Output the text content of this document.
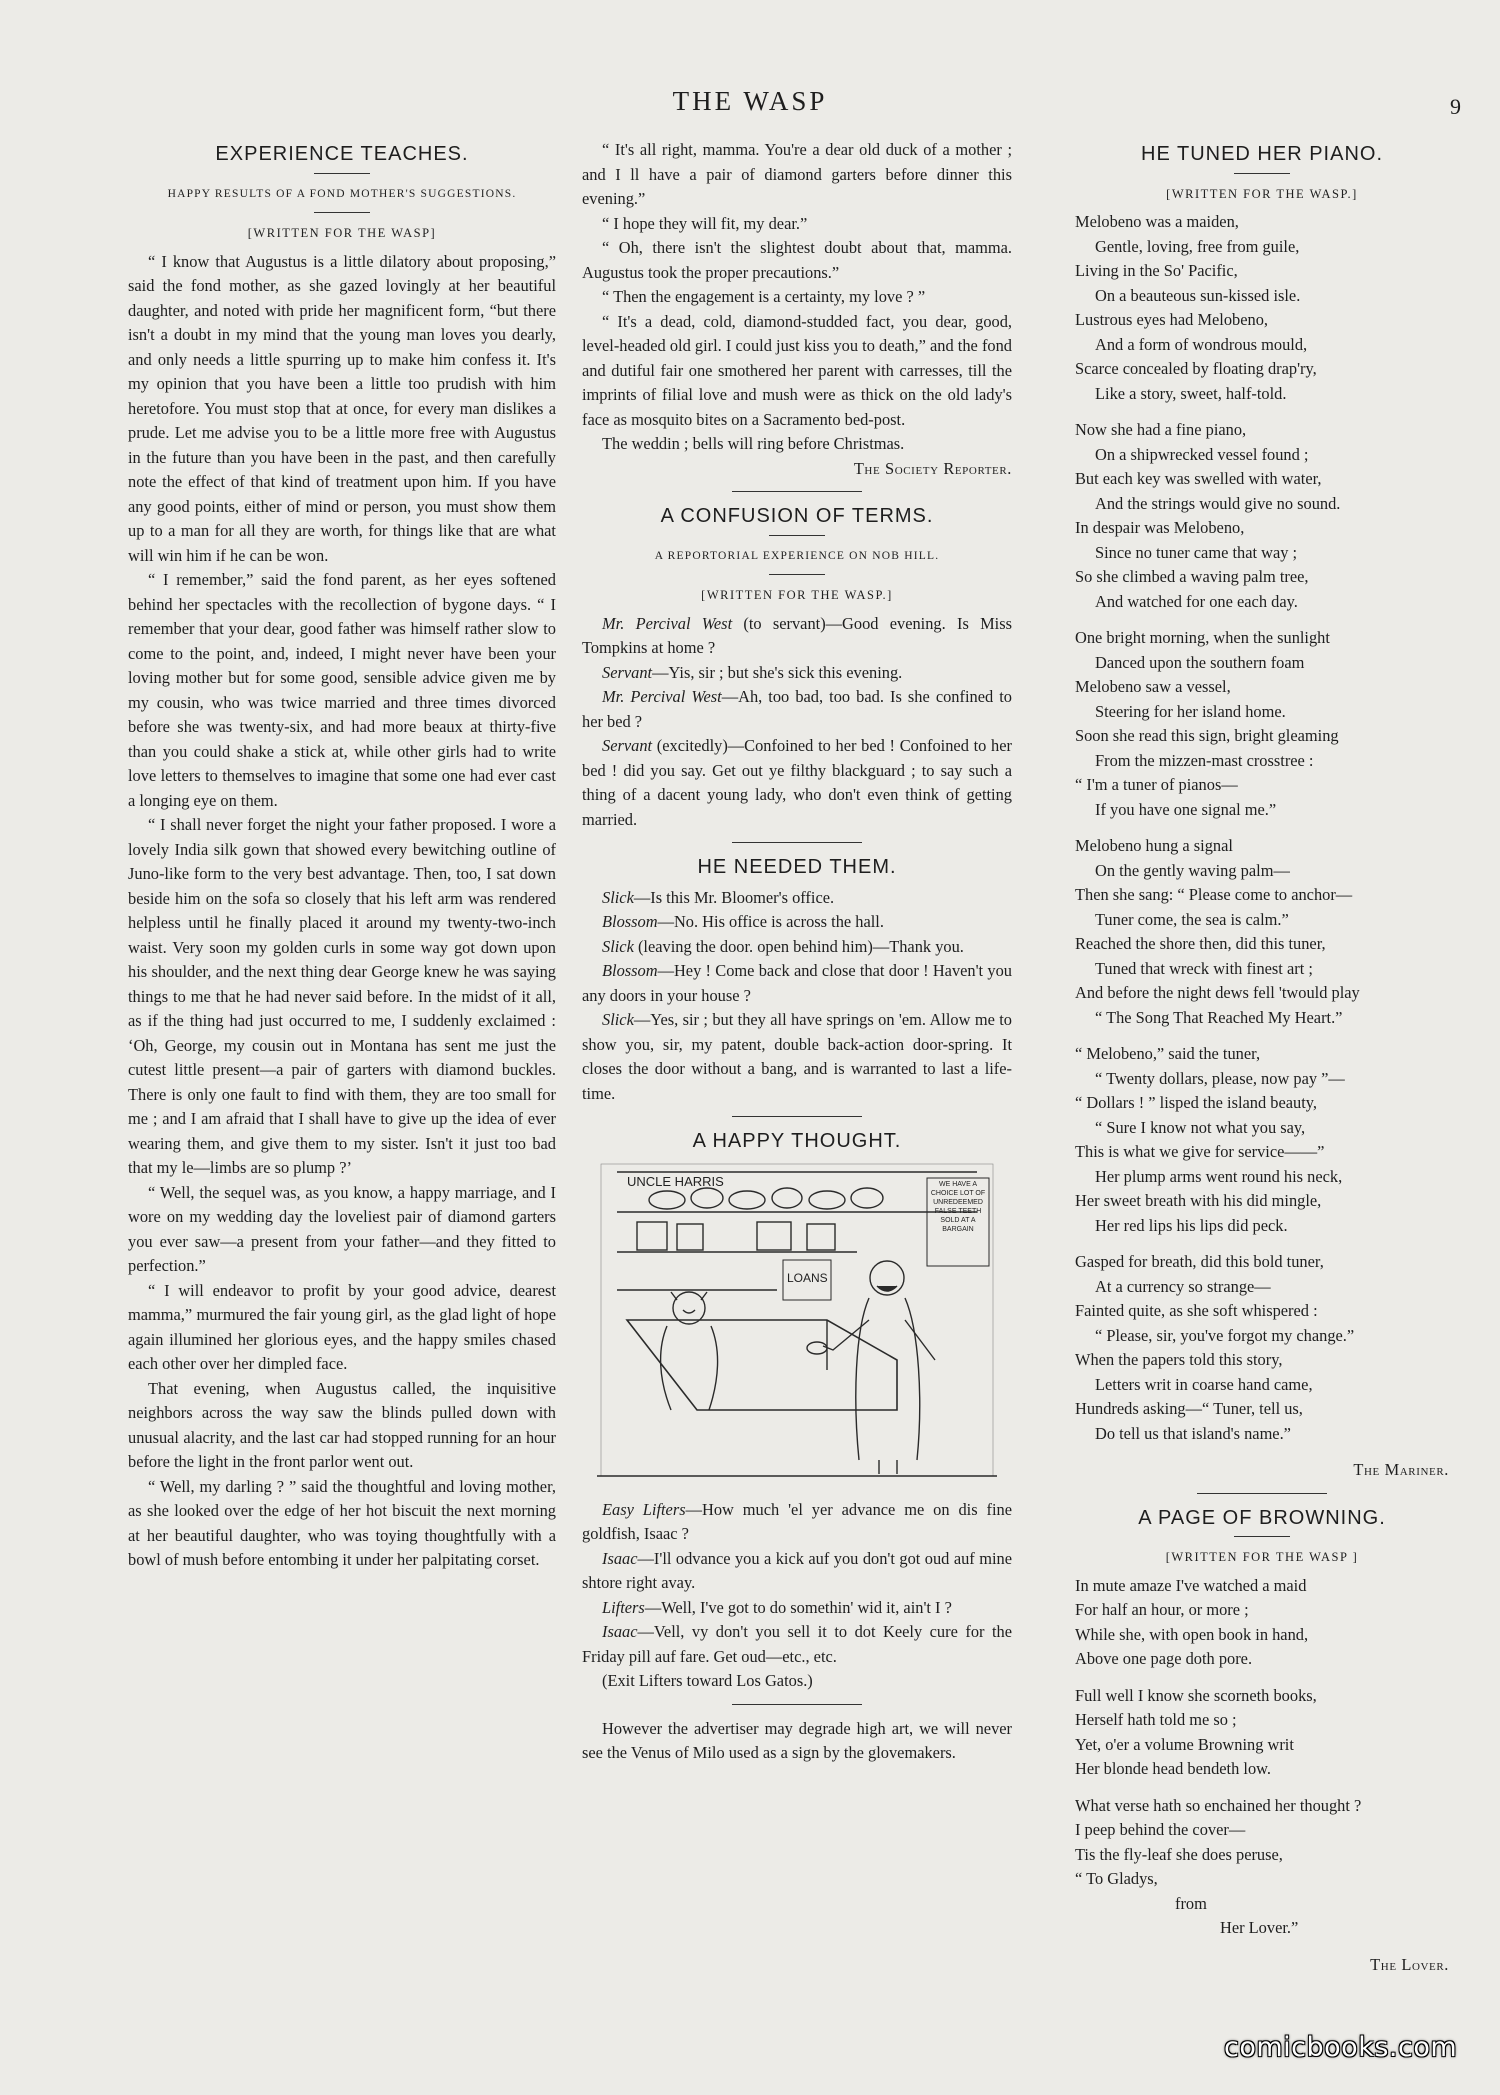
THE WASP	9
EXPERIENCE TEACHES.
HAPPY RESULTS OF A FOND MOTHER'S SUGGESTIONS.
[WRITTEN FOR THE WASP]

“ I know that Augustus is a little dilatory about proposing,” said the fond mother, as she gazed lovingly at her beautiful daughter, and noted with pride her magnificent form, “but there isn't a doubt in my mind that the young man loves you dearly, and only needs a little spurring up to make him confess it. It's my opinion that you have been a little too prudish with him heretofore. You must stop that at once, for every man dislikes a prude. Let me advise you to be a little more free with Augustus in the future than you have been in the past, and then carefully note the effect of that kind of treatment upon him. If you have any good points, either of mind or person, you must show them up to a man for all they are worth, for things like that are what will win him if he can be won.

“ I remember,” said the fond parent, as her eyes softened behind her spectacles with the recollection of bygone days. “ I remember that your dear, good father was himself rather slow to come to the point, and, indeed, I might never have been your loving mother but for some good, sensible advice given me by my cousin, who was twice married and three times divorced before she was twenty-six, and had more beaux at thirty-five than you could shake a stick at, while other girls had to write love letters to themselves to imagine that some one had ever cast a longing eye on them.

“ I shall never forget the night your father proposed. I wore a lovely India silk gown that showed every bewitching outline of Juno-like form to the very best advantage. Then, too, I sat down beside him on the sofa so closely that his left arm was rendered helpless until he finally placed it around my twenty-two-inch waist. Very soon my golden curls in some way got down upon his shoulder, and the next thing dear George knew he was saying things to me that he had never said before. In the midst of it all, as if the thing had just occurred to me, I suddenly exclaimed : ‘Oh, George, my cousin out in Montana has sent me just the cutest little present—a pair of garters with diamond buckles. There is only one fault to find with them, they are too small for me ; and I am afraid that I shall have to give up the idea of ever wearing them, and give them to my sister. Isn't it just too bad that my le—limbs are so plump ?’

“ Well, the sequel was, as you know, a happy marriage, and I wore on my wedding day the loveliest pair of diamond garters you ever saw—a present from your father—and they fitted to perfection.”

“ I will endeavor to profit by your good advice, dearest mamma,” murmured the fair young girl, as the glad light of hope again illumined her glorious eyes, and the happy smiles chased each other over her dimpled face.

That evening, when Augustus called, the inquisitive neighbors across the way saw the blinds pulled down with unusual alacrity, and the last car had stopped running for an hour before the light in the front parlor went out.

“ Well, my darling ? ” said the thoughtful and loving mother, as she looked over the edge of her hot biscuit the next morning at her beautiful daughter, who was toying thoughtfully with a bowl of mush before entombing it under her palpitating corset.

“ It's all right, mamma. You're a dear old duck of a mother ; and I ll have a pair of diamond garters before dinner this evening.”

“ I hope they will fit, my dear.”

“ Oh, there isn't the slightest doubt about that, mamma. Augustus took the proper precautions.”

“ Then the engagement is a certainty, my love ? ”

“ It's a dead, cold, diamond-studded fact, you dear, good, level-headed old girl. I could just kiss you to death,” and the fond and dutiful fair one smothered her parent with carresses, till the imprints of filial love and mush were as thick on the old lady's face as mosquito bites on a Sacramento bed-post.

The weddin ; bells will ring before Christmas.

The Society Reporter.

A CONFUSION OF TERMS.
A REPORTORIAL EXPERIENCE ON NOB HILL.
[WRITTEN FOR THE WASP.]

Mr. Percival West (to servant)—Good evening. Is Miss Tompkins at home ?

Servant—Yis, sir ; but she's sick this evening.

Mr. Percival West—Ah, too bad, too bad. Is she confined to her bed ?

Servant (excitedly)—Confoined to her bed ! Confoined to her bed ! did you say. Get out ye filthy blackguard ; to say such a thing of a dacent young lady, who don't even think of getting married.

HE NEEDED THEM.

Slick—Is this Mr. Bloomer's office.

Blossom—No. His office is across the hall.

Slick (leaving the door. open behind him)—Thank you.

Blossom—Hey ! Come back and close that door ! Haven't you any doors in your house ?

Slick—Yes, sir ; but they all have springs on 'em. Allow me to show you, sir, my patent, double back-action door-spring. It closes the door without a bang, and is warranted to last a life-time.

A HAPPY THOUGHT.
UNCLE HARRIS
LOANS
WE HAVE A CHOICE LOT OF UNREDEEMED FALSE TEETH SOLD AT A BARGAIN

Easy Lifters—How much 'el yer advance me on dis fine goldfish, Isaac ?

Isaac—I'll odvance you a kick auf you don't got oud auf mine shtore right avay.

Lifters—Well, I've got to do somethin' wid it, ain't I ?

Isaac—Vell, vy don't you sell it to dot Keely cure for the Friday pill auf fare. Get oud—etc., etc.

(Exit Lifters toward Los Gatos.)

However the advertiser may degrade high art, we will never see the Venus of Milo used as a sign by the glovemakers.

HE TUNED HER PIANO.
[WRITTEN FOR THE WASP.]

Melobeno was a maiden,

Gentle, loving, free from guile,

Living in the So' Pacific,

On a beauteous sun-kissed isle.

Lustrous eyes had Melobeno,

And a form of wondrous mould,

Scarce concealed by floating drap'ry,

Like a story, sweet, half-told.

Now she had a fine piano,

On a shipwrecked vessel found ;

But each key was swelled with water,

And the strings would give no sound.

In despair was Melobeno,

Since no tuner came that way ;

So she climbed a waving palm tree,

And watched for one each day.

One bright morning, when the sunlight

Danced upon the southern foam

Melobeno saw a vessel,

Steering for her island home.

Soon she read this sign, bright gleaming

From the mizzen-mast crosstree :

“ I'm a tuner of pianos—

If you have one signal me.”

Melobeno hung a signal

On the gently waving palm—

Then she sang: “ Please come to anchor—

Tuner come, the sea is calm.”

Reached the shore then, did this tuner,

Tuned that wreck with finest art ;

And before the night dews fell 'twould play

“ The Song That Reached My Heart.”

“ Melobeno,” said the tuner,

“ Twenty dollars, please, now pay ”—

“ Dollars ! ” lisped the island beauty,

“ Sure I know not what you say,

This is what we give for service——”

Her plump arms went round his neck,

Her sweet breath with his did mingle,

Her red lips his lips did peck.

Gasped for breath, did this bold tuner,

At a currency so strange—

Fainted quite, as she soft whispered :

“ Please, sir, you've forgot my change.”

When the papers told this story,

Letters writ in coarse hand came,

Hundreds asking—“ Tuner, tell us,

Do tell us that island's name.”

The Mariner.

A PAGE OF BROWNING.
[WRITTEN FOR THE WASP ]

In mute amaze I've watched a maid

For half an hour, or more ;

While she, with open book in hand,

Above one page doth pore.

Full well I know she scorneth books,

Herself hath told me so ;

Yet, o'er a volume Browning writ

Her blonde head bendeth low.

What verse hath so enchained her thought ?

I peep behind the cover—

Tis the fly-leaf she does peruse,

“ To Gladys,

from

Her Lover.”

The Lover.

comicbooks.com
